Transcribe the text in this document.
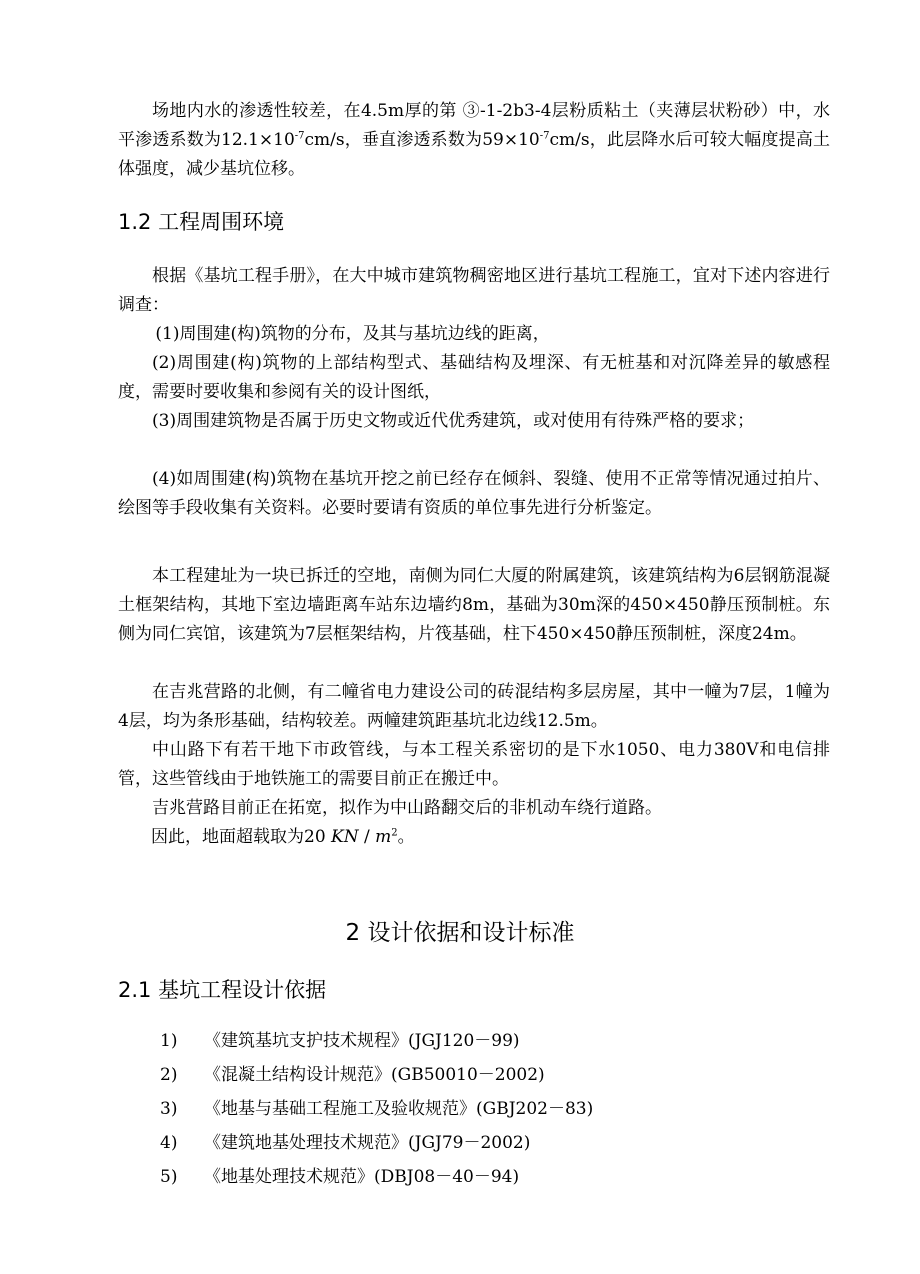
场地内水的渗透性较差，在4.5m厚的第 ③-1-2b3-4层粉质粘土（夹薄层状粉砂）中，水平渗透系数为$12.1\times 10^{-7}cm/s$，垂直渗透系数为$59\times 10^{-7}cm/s$，此层降水后可较大幅度提高土体强度，减少基坑位移。

1.2 工程周围环境

根据《基坑工程手册》，在大中城市建筑物稠密地区进行基坑工程施工，宜对下述内容进行调查：

(1)周围建(构)筑物的分布，及其与基坑边线的距离，

(2)周围建(构)筑物的上部结构型式、基础结构及埋深、有无桩基和对沉降差异的敏感程度，需要时要收集和参阅有关的设计图纸，

(3)周围建筑物是否属于历史文物或近代优秀建筑，或对使用有待殊严格的要求；

(4)如周围建(构)筑物在基坑开挖之前已经存在倾斜、裂缝、使用不正常等情况通过拍片、绘图等手段收集有关资料。必要时要请有资质的单位事先进行分析鉴定。

本工程建址为一块已拆迁的空地，南侧为同仁大厦的附属建筑，该建筑结构为6层钢筋混凝土框架结构，其地下室边墙距离车站东边墙约8m，基础为30m深的450×450静压预制桩。东侧为同仁宾馆，该建筑为7层框架结构，片筏基础，柱下450×450静压预制桩，深度24m。

在吉兆营路的北侧，有二幢省电力建设公司的砖混结构多层房屋，其中一幢为7层，1幢为4层，均为条形基础，结构较差。两幢建筑距基坑北边线12.5m。

中山路下有若干地下市政管线，与本工程关系密切的是下水1050、电力380V和电信排管，这些管线由于地铁施工的需要目前正在搬迁中。

吉兆营路目前正在拓宽，拟作为中山路翻交后的非机动车绕行道路。

因此，地面超载取为20 KN / $m^2$。

2 设计依据和设计标准
2.1 基坑工程设计依据
1) 《建筑基坑支护技术规程》(JGJ120－99)
2) 《混凝土结构设计规范》(GB50010－2002)
3) 《地基与基础工程施工及验收规范》(GBJ202－83)
4) 《建筑地基处理技术规范》(JGJ79－2002)
5) 《地基处理技术规范》(DBJ08－40－94)
